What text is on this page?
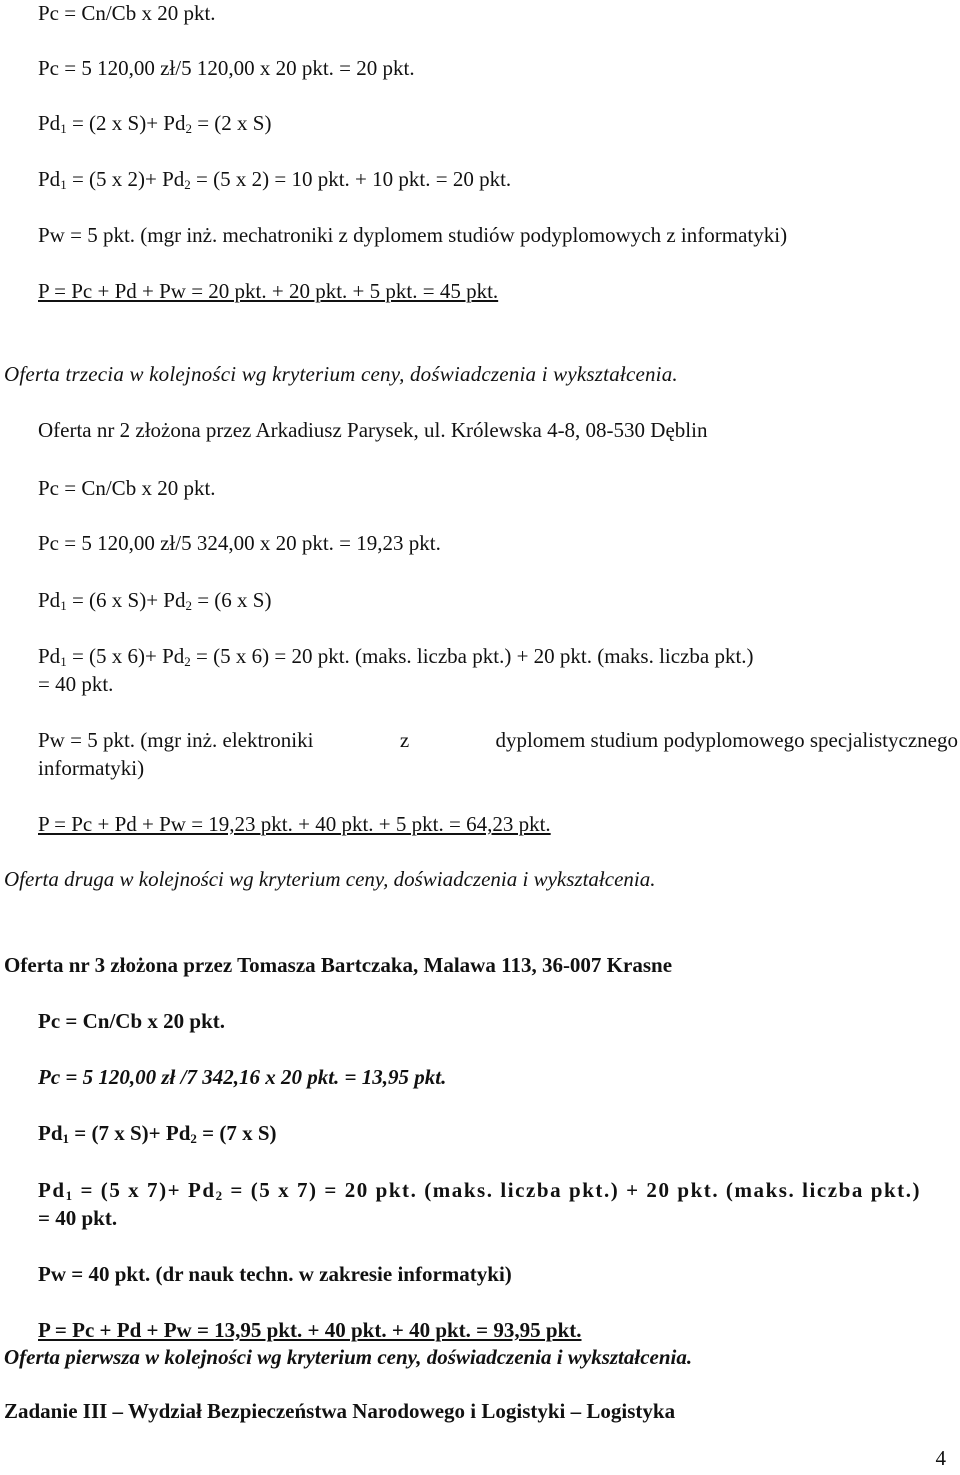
Pc = Cn/Cb x 20 pkt.
Pc = 5 120,00 zł/5 120,00 x 20 pkt. = 20 pkt.
$Pd_1 = (2$ x $S)+ Pd_2 = (2$ x S)
$Pd_1 = (5$ x $2)+ Pd_2 = (5$ x 2) = 10 pkt. + 10 pkt. = 20 pkt.
Pw = 5 pkt. (mgr inż. mechatroniki z dyplomem studiów podyplomowych z informatyki)
P = Pc + Pd + Pw = 20 pkt. + 20 pkt. + 5 pkt. = 45 pkt.
Oferta trzecia w kolejności wg kryterium ceny, doświadczenia i wykształcenia.
Oferta nr 2 złożona przez Arkadiusz Parysek, ul. Królewska 4-8, 08-530 Dęblin
Pc = Cn/Cb x 20 pkt.
Pc = 5 120,00 zł/5 324,00 x 20 pkt. = 19,23 pkt.
$Pd_1 = (6$ x $S)+ Pd_2 = (6$ x S)
$Pd_1 = (5$ x $6)+ Pd_2 = (5$ x 6) = 20 pkt. (maks. liczba pkt.) + 20 pkt. (maks. liczba pkt.)
= 40 pkt.
Pw = 5 pkt. (mgr inż. elektroniki	z	dyplomem studium podyplomowego specjalistycznego
informatyki)
P = Pc + Pd + Pw = 19,23 pkt. + 40 pkt. + 5 pkt. = 64,23 pkt.
Oferta druga w kolejności wg kryterium ceny, doświadczenia i wykształcenia.
Oferta nr 3 złożona przez Tomasza Bartczaka, Malawa 113, 36-007 Krasne
Pc = Cn/Cb x 20 pkt.
Pc = 5 120,00 zł /7 342,16 x 20 pkt. = 13,95 pkt.
$Pd_1 = (7$ x $S)+ Pd_2 = (7$ x S)
$Pd_1 = (5$ x $7)+ Pd_2 = (5$ x 7) = 20 pkt. (maks. liczba pkt.) + 20 pkt. (maks. liczba pkt.)
= 40 pkt.
Pw = 40 pkt. (dr nauk techn. w zakresie informatyki)
P = Pc + Pd + Pw = 13,95 pkt. + 40 pkt. + 40 pkt. = 93,95 pkt.
Oferta pierwsza w kolejności wg kryterium ceny, doświadczenia i wykształcenia.
Zadanie III – Wydział Bezpieczeństwa Narodowego i Logistyki – Logistyka
4
